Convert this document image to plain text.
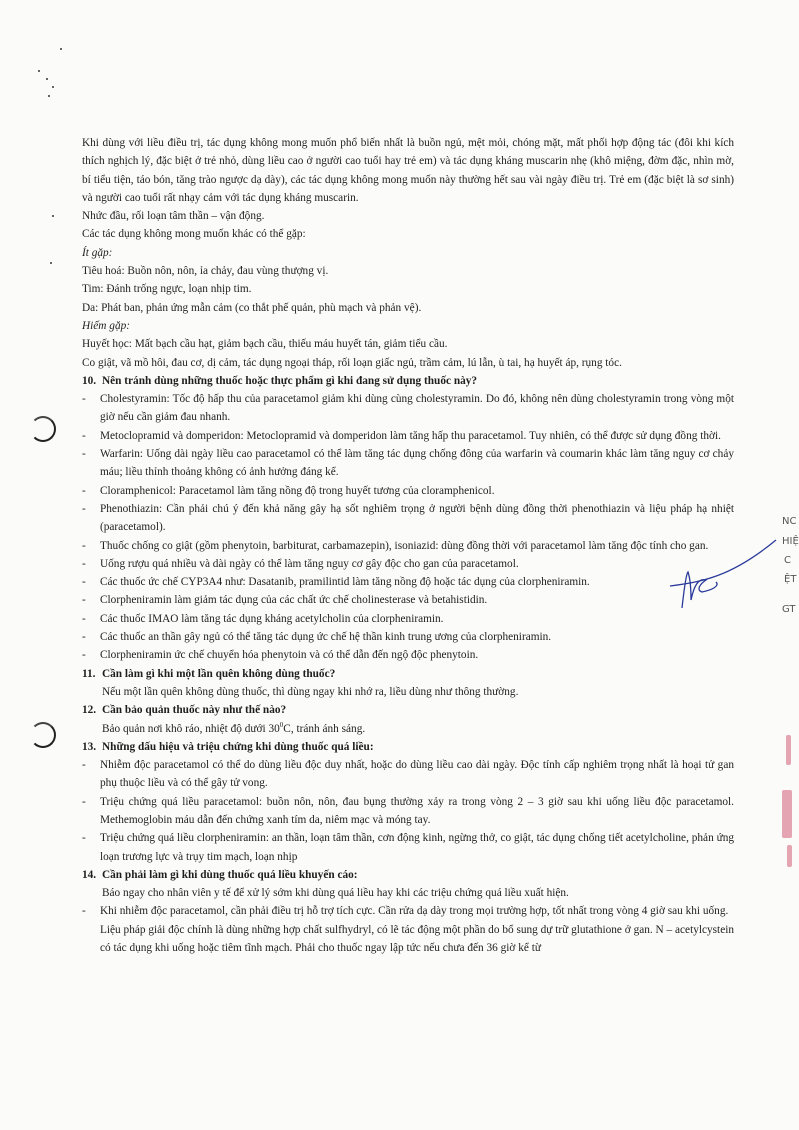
NC
HIỆ
C
ỆT
GT

Khi dùng với liều điều trị, tác dụng không mong muốn phổ biến nhất là buồn ngủ, mệt mỏi, chóng mặt, mất phối hợp động tác (đôi khi kích thích nghịch lý, đặc biệt ở trẻ nhỏ, dùng liều cao ở người cao tuổi hay trẻ em) và tác dụng kháng muscarin nhẹ (khô miệng, đờm đặc, nhìn mờ, bí tiểu tiện, táo bón, tăng trào ngược dạ dày), các tác dụng không mong muốn này thường hết sau vài ngày điều trị. Trẻ em (đặc biệt là sơ sinh) và người cao tuổi rất nhạy cảm với tác dụng kháng muscarin.

Nhức đầu, rối loạn tâm thần – vận động.

Các tác dụng không mong muốn khác có thể gặp:

Ít gặp:

Tiêu hoá: Buồn nôn, nôn, ỉa chảy, đau vùng thượng vị.

Tim: Đánh trống ngực, loạn nhịp tim.

Da: Phát ban, phản ứng mẫn cảm (co thắt phế quản, phù mạch và phản vệ).

Hiếm gặp:

Huyết học: Mất bạch cầu hạt, giảm bạch cầu, thiếu máu huyết tán, giảm tiểu cầu.

Co giật, vã mồ hôi, đau cơ, dị cảm, tác dụng ngoại tháp, rối loạn giấc ngủ, trầm cảm, lú lẫn, ù tai, hạ huyết áp, rụng tóc.

10. Nên tránh dùng những thuốc hoặc thực phẩm gì khi đang sử dụng thuốc này?

-	Cholestyramin: Tốc độ hấp thu của paracetamol giảm khi dùng cùng cholestyramin. Do đó, không nên dùng cholestyramin trong vòng một giờ nếu cần giảm đau nhanh.
-	Metoclopramid và domperidon: Metoclopramid và domperidon làm tăng hấp thu paracetamol. Tuy nhiên, có thể được sử dụng đồng thời.
-	Warfarin: Uống dài ngày liều cao paracetamol có thể làm tăng tác dụng chống đông của warfarin và coumarin khác làm tăng nguy cơ chảy máu; liều thỉnh thoảng không có ảnh hưởng đáng kể.
-	Cloramphenicol: Paracetamol làm tăng nồng độ trong huyết tương của cloramphenicol.
-	Phenothiazin: Cần phải chú ý đến khả năng gây hạ sốt nghiêm trọng ở người bệnh dùng đồng thời phenothiazin và liệu pháp hạ nhiệt (paracetamol).
-	Thuốc chống co giật (gồm phenytoin, barbiturat, carbamazepin), isoniazid: dùng đồng thời với paracetamol làm tăng độc tính cho gan.
-	Uống rượu quá nhiều và dài ngày có thể làm tăng nguy cơ gây độc cho gan của paracetamol.
-	Các thuốc ức chế CYP3A4 như: Dasatanib, pramilintid làm tăng nồng độ hoặc tác dụng của clorpheniramin.
-	Clorpheniramin làm giảm tác dụng của các chất ức chế cholinesterase và betahistidin.
-	Các thuốc IMAO làm tăng tác dụng kháng acetylcholin của clorpheniramin.
-	Các thuốc an thần gây ngủ có thể tăng tác dụng ức chế hệ thần kinh trung ương của clorpheniramin.
-	Clorpheniramin ức chế chuyển hóa phenytoin và có thể dẫn đến ngộ độc phenytoin.

11. Cần làm gì khi một lần quên không dùng thuốc?

Nếu một lần quên không dùng thuốc, thì dùng ngay khi nhớ ra, liều dùng như thông thường.

12. Cần bảo quản thuốc này như thế nào?

Bảo quản nơi khô ráo, nhiệt độ dưới $30^0C$, tránh ánh sáng.

13. Những dấu hiệu và triệu chứng khi dùng thuốc quá liều:

-	Nhiễm độc paracetamol có thể do dùng liều độc duy nhất, hoặc do dùng liều cao dài ngày. Độc tính cấp nghiêm trọng nhất là hoại tử gan phụ thuộc liều và có thể gây tử vong.
-	Triệu chứng quá liều paracetamol: buồn nôn, nôn, đau bụng thường xảy ra trong vòng 2 – 3 giờ sau khi uống liều độc paracetamol. Methemoglobin máu dẫn đến chứng xanh tím da, niêm mạc và móng tay.
-	Triệu chứng quá liều clorpheniramin: an thần, loạn tâm thần, cơn động kinh, ngừng thở, co giật, tác dụng chống tiết acetylcholine, phản ứng loạn trương lực và trụy tim mạch, loạn nhịp

14. Cần phải làm gì khi dùng thuốc quá liều khuyến cáo:

Báo ngay cho nhân viên y tế để xử lý sớm khi dùng quá liều hay khi các triệu chứng quá liều xuất hiện.

-	Khi nhiễm độc paracetamol, cần phải điều trị hỗ trợ tích cực. Cần rửa dạ dày trong mọi trường hợp, tốt nhất trong vòng 4 giờ sau khi uống.

Liệu pháp giải độc chính là dùng những hợp chất sulfhydryl, có lẽ tác động một phần do bổ sung dự trữ glutathione ở gan. N – acetylcystein có tác dụng khi uống hoặc tiêm tĩnh mạch. Phải cho thuốc ngay lập tức nếu chưa đến 36 giờ kể từ
